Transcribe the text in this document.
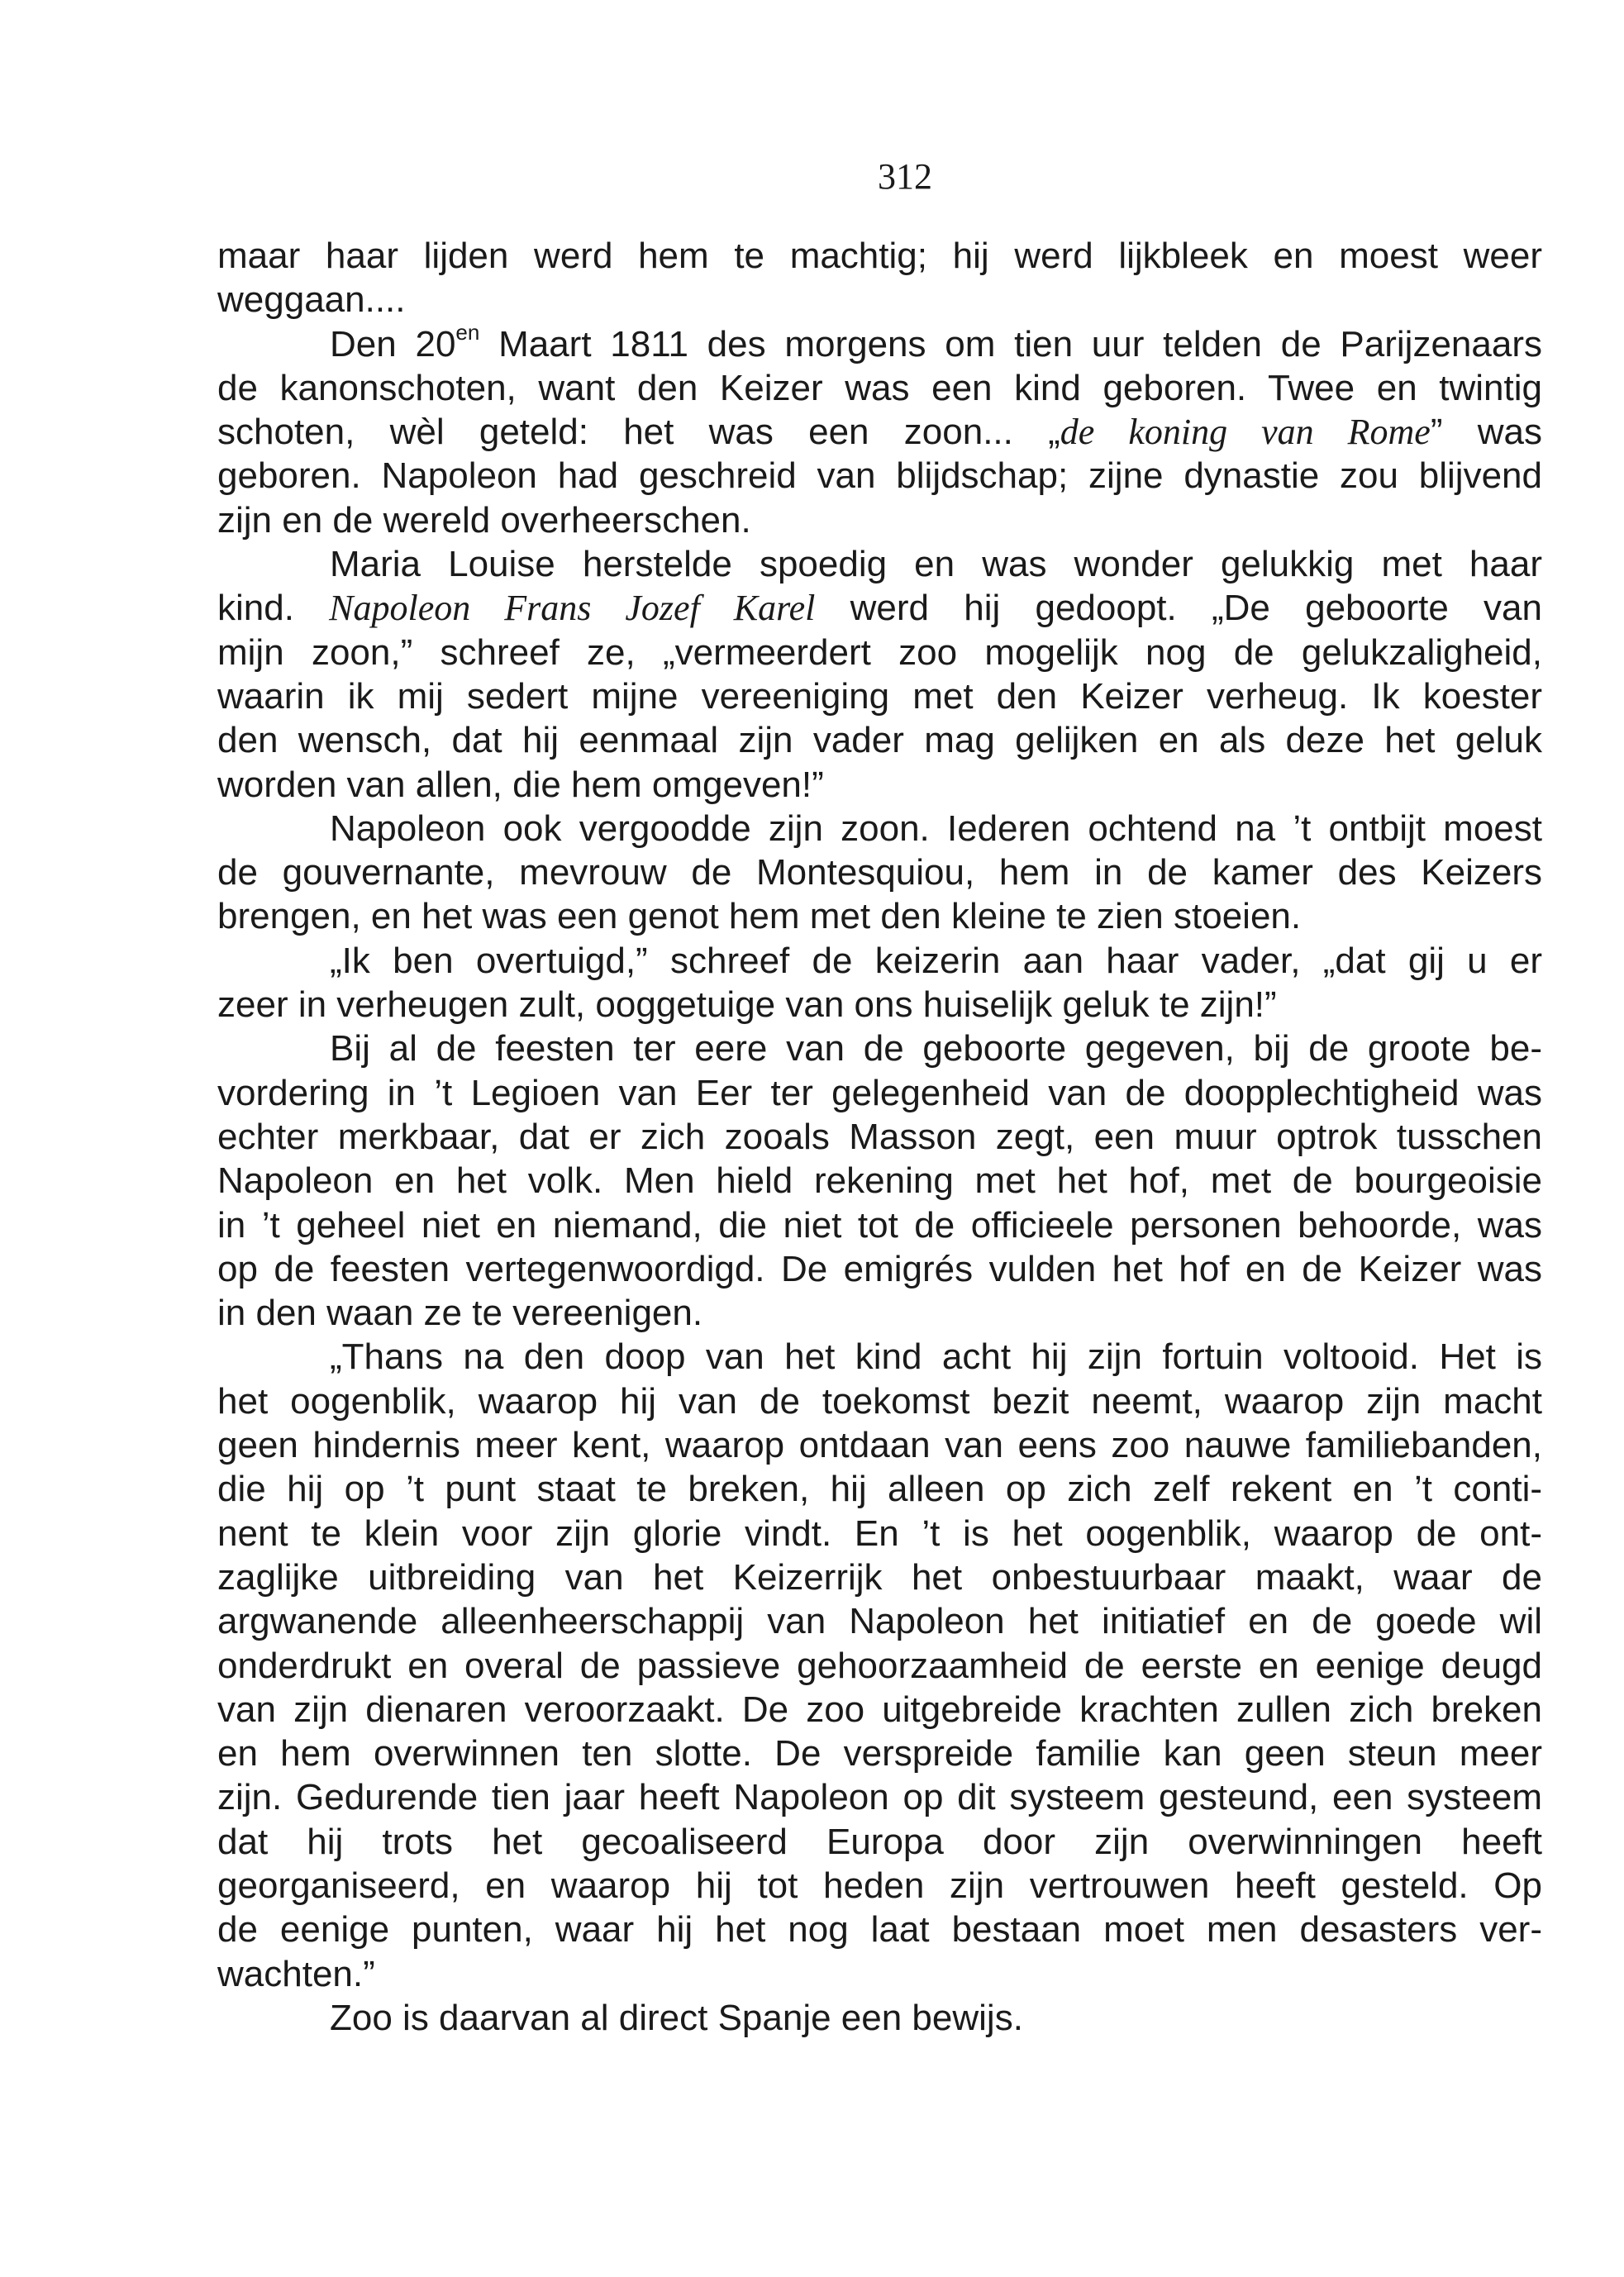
312
maar haar lijden werd hem te machtig; hij werd lijkbleek en moest weer
weggaan....
Den $20^{en}$ Maart 1811 des morgens om tien uur telden de Parijzenaars
de kanonschoten, want den Keizer was een kind geboren. Twee en twintig
schoten, wèl geteld: het was een zoon... „de koning van Rome” was
geboren. Napoleon had geschreid van blijdschap; zijne dynastie zou blijvend
zijn en de wereld overheerschen.
Maria Louise herstelde spoedig en was wonder gelukkig met haar
kind. Napoleon Frans Jozef Karel werd hij gedoopt. „De geboorte van
mijn zoon,” schreef ze, „vermeerdert zoo mogelijk nog de gelukzaligheid,
waarin ik mij sedert mijne vereeniging met den Keizer verheug. Ik koester
den wensch, dat hij eenmaal zijn vader mag gelijken en als deze het geluk
worden van allen, die hem omgeven!”
Napoleon ook vergoodde zijn zoon. Iederen ochtend na ’t ontbijt moest
de gouvernante, mevrouw de Montesquiou, hem in de kamer des Keizers
brengen, en het was een genot hem met den kleine te zien stoeien.
„Ik ben overtuigd,” schreef de keizerin aan haar vader, „dat gij u er
zeer in verheugen zult, ooggetuige van ons huiselijk geluk te zijn!”
Bij al de feesten ter eere van de geboorte gegeven, bij de groote be-
vordering in ’t Legioen van Eer ter gelegenheid van de doopplechtigheid was
echter merkbaar, dat er zich zooals Masson zegt, een muur optrok tusschen
Napoleon en het volk. Men hield rekening met het hof, met de bourgeoisie
in ’t geheel niet en niemand, die niet tot de officieele personen behoorde, was
op de feesten vertegenwoordigd. De emigrés vulden het hof en de Keizer was
in den waan ze te vereenigen.
„Thans na den doop van het kind acht hij zijn fortuin voltooid. Het is
het oogenblik, waarop hij van de toekomst bezit neemt, waarop zijn macht
geen hindernis meer kent, waarop ontdaan van eens zoo nauwe familiebanden,
die hij op ’t punt staat te breken, hij alleen op zich zelf rekent en ’t conti-
nent te klein voor zijn glorie vindt. En ’t is het oogenblik, waarop de ont-
zaglijke uitbreiding van het Keizerrijk het onbestuurbaar maakt, waar de
argwanende alleenheerschappij van Napoleon het initiatief en de goede wil
onderdrukt en overal de passieve gehoorzaamheid de eerste en eenige deugd
van zijn dienaren veroorzaakt. De zoo uitgebreide krachten zullen zich breken
en hem overwinnen ten slotte. De verspreide familie kan geen steun meer
zijn. Gedurende tien jaar heeft Napoleon op dit systeem gesteund, een systeem
dat hij trots het gecoaliseerd Europa door zijn overwinningen heeft
georganiseerd, en waarop hij tot heden zijn vertrouwen heeft gesteld. Op
de eenige punten, waar hij het nog laat bestaan moet men desasters ver-
wachten.”
Zoo is daarvan al direct Spanje een bewijs.
